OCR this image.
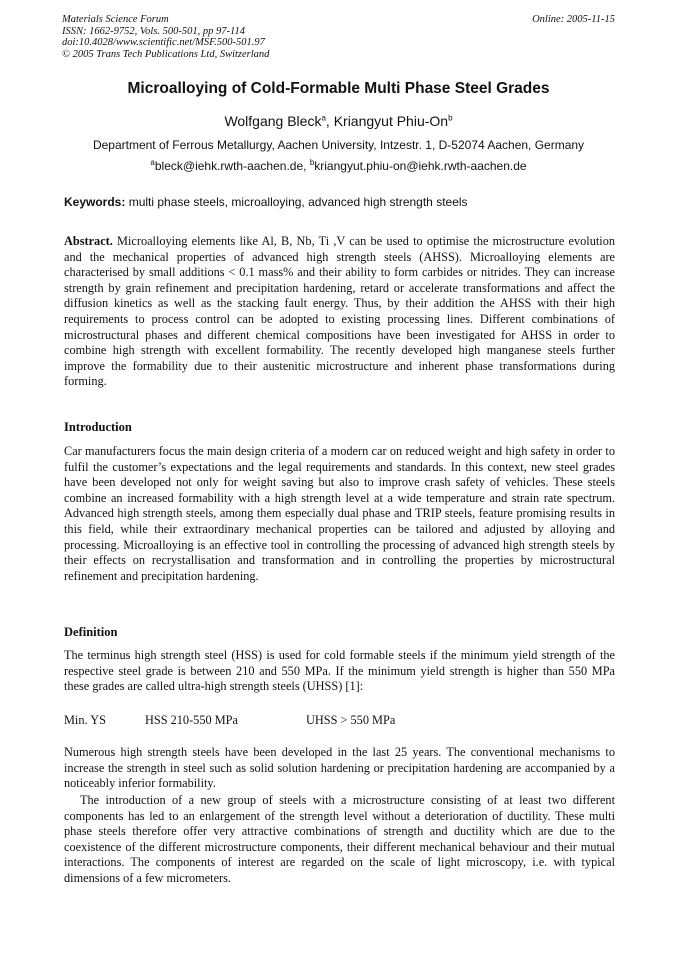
Materials Science Forum
ISSN: 1662-9752, Vols. 500-501, pp 97-114
doi:10.4028/www.scientific.net/MSF.500-501.97
© 2005 Trans Tech Publications Ltd, Switzerland
Online: 2005-11-15
Microalloying of Cold-Formable Multi Phase Steel Grades
Wolfgang Bleck$^a$, Kriangyut Phiu-On$^b$
Department of Ferrous Metallurgy, Aachen University, Intzestr. 1, D-52074 Aachen, Germany
$^a$bleck@iehk.rwth-aachen.de, $^b$kriangyut.phiu-on@iehk.rwth-aachen.de
Keywords: multi phase steels, microalloying, advanced high strength steels

Abstract. Microalloying elements like Al, B, Nb, Ti ,V can be used to optimise the microstructure evolution and the mechanical properties of advanced high strength steels (AHSS). Microalloying elements are characterised by small additions < 0.1 mass% and their ability to form carbides or nitrides. They can increase strength by grain refinement and precipitation hardening, retard or accelerate transformations and affect the diffusion kinetics as well as the stacking fault energy. Thus, by their addition the AHSS with their high requirements to process control can be adopted to existing processing lines. Different combinations of microstructural phases and different chemical compositions have been investigated for AHSS in order to combine high strength with excellent formability. The recently developed high manganese steels further improve the formability due to their austenitic microstructure and inherent phase transformations during forming.

Introduction

Car manufacturers focus the main design criteria of a modern car on reduced weight and high safety in order to fulfil the customer’s expectations and the legal requirements and standards. In this context, new steel grades have been developed not only for weight saving but also to improve crash safety of vehicles. These steels combine an increased formability with a high strength level at a wide temperature and strain rate spectrum. Advanced high strength steels, among them especially dual phase and TRIP steels, feature promising results in this field, while their extraordinary mechanical properties can be tailored and adjusted by alloying and processing. Microalloying is an effective tool in controlling the processing of advanced high strength steels by their effects on recrystallisation and transformation and in controlling the properties by microstructural refinement and precipitation hardening.

Definition

The terminus high strength steel (HSS) is used for cold formable steels if the minimum yield strength of the respective steel grade is between 210 and 550 MPa. If the minimum yield strength is higher than 550 MPa these grades are called ultra-high strength steels (UHSS) [1]:

Min. YS	HSS 210-550 MPa	UHSS > 550 MPa

Numerous high strength steels have been developed in the last 25 years. The conventional mechanisms to increase the strength in steel such as solid solution hardening or precipitation hardening are accompanied by a noticeably inferior formability.

The introduction of a new group of steels with a microstructure consisting of at least two different components has led to an enlargement of the strength level without a deterioration of ductility. These multi phase steels therefore offer very attractive combinations of strength and ductility which are due to the coexistence of the different microstructure components, their different mechanical behaviour and their mutual interactions. The components of interest are regarded on the scale of light microscopy, i.e. with typical dimensions of a few micrometers.
